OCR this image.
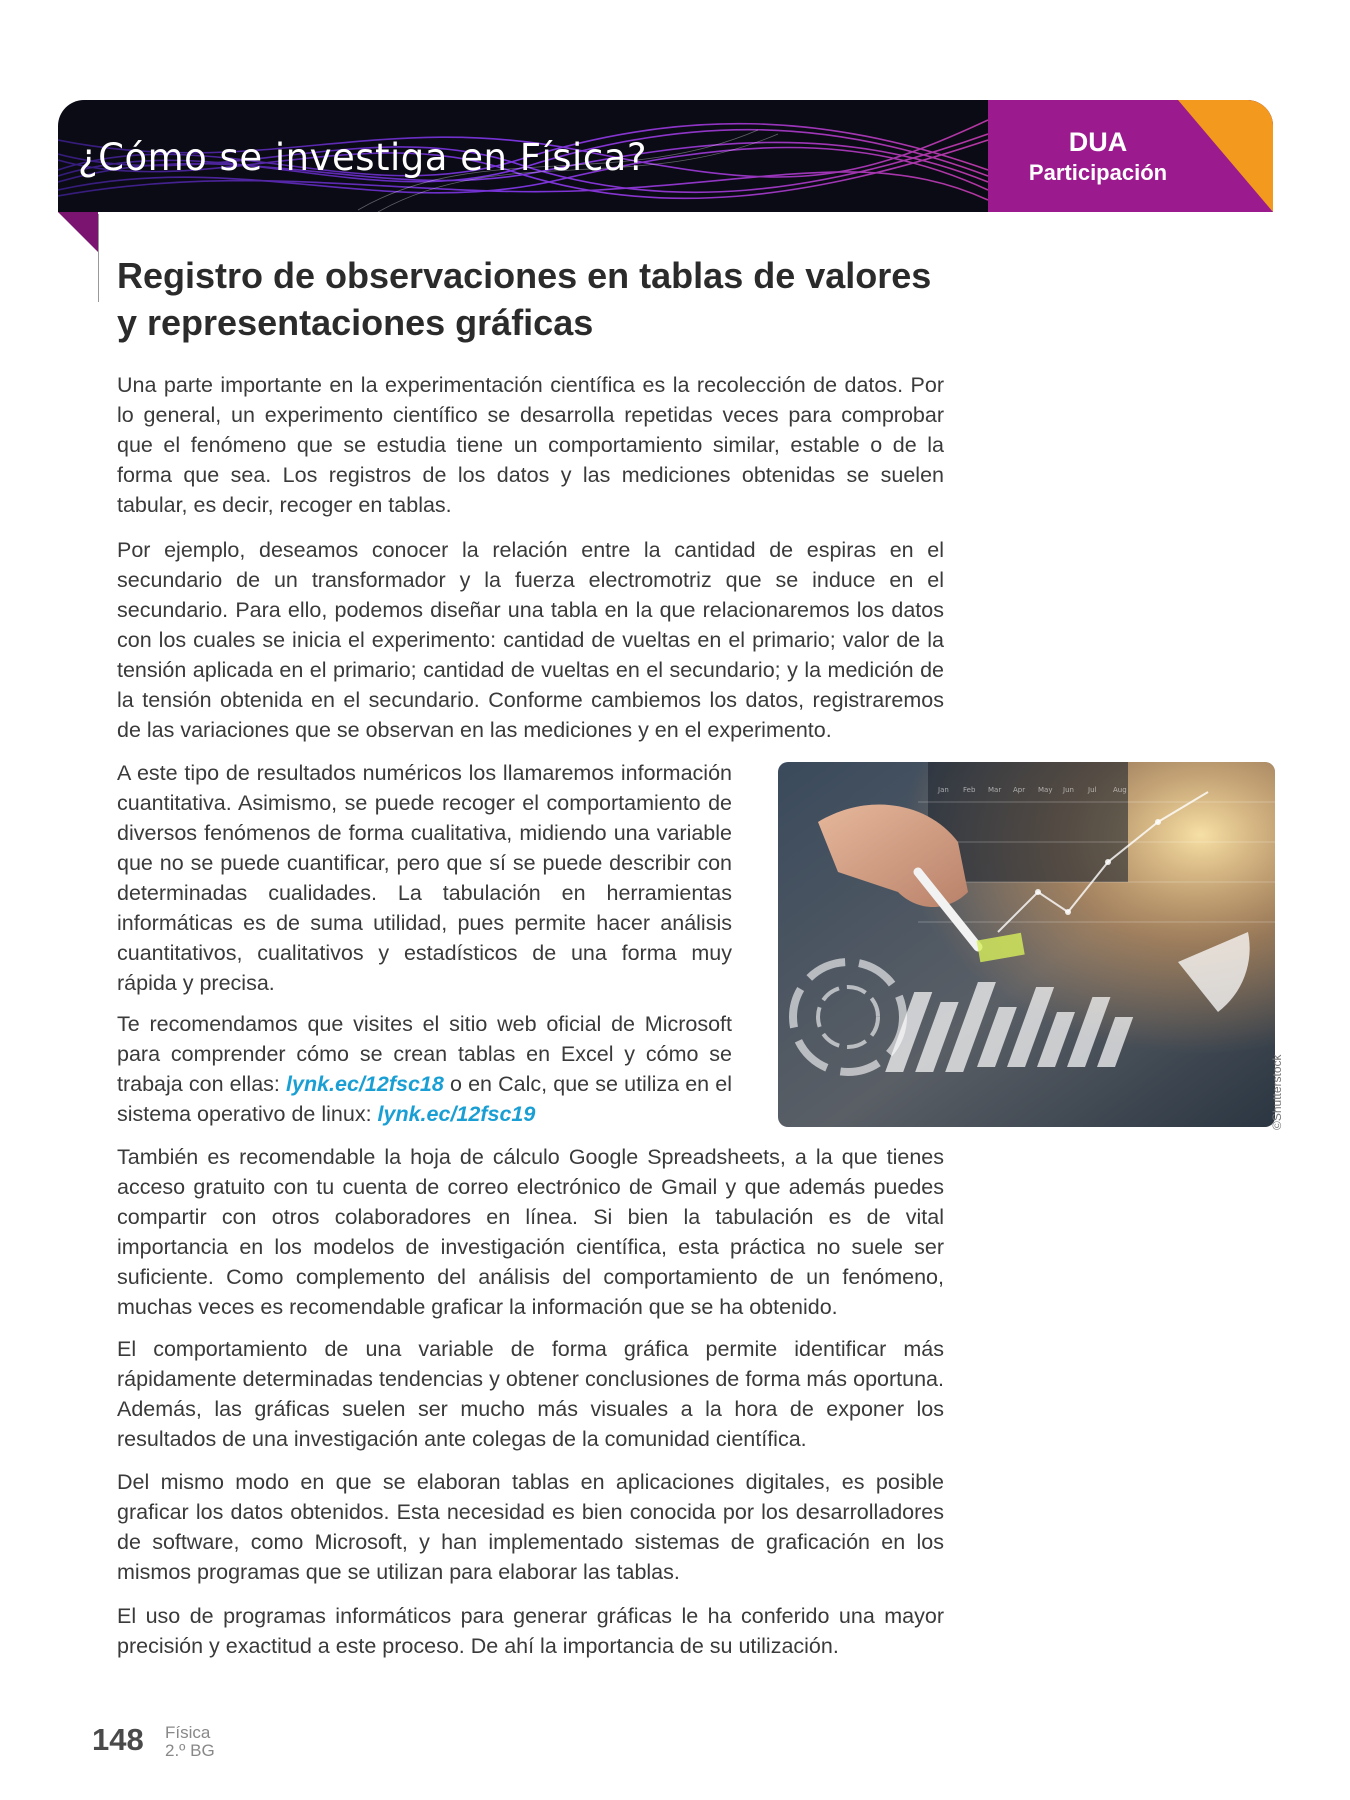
¿Cómo se investiga en Física?	DUA
Participación
Registro de observaciones en tablas de valores
y representaciones gráficas

Una parte importante en la experimentación científica es la recolección de datos. Por lo general, un experimento científico se desarrolla repetidas veces para comprobar que el fenómeno que se estudia tiene un comportamiento similar, estable o de la forma que sea. Los registros de los datos y las mediciones obtenidas se suelen tabular, es decir, recoger en tablas.

Por ejemplo, deseamos conocer la relación entre la cantidad de espiras en el secundario de un transformador y la fuerza electromotriz que se induce en el secundario. Para ello, podemos diseñar una tabla en la que relacionaremos los datos con los cuales se inicia el experimento: cantidad de vueltas en el primario; valor de la tensión aplicada en el primario; cantidad de vueltas en el secundario; y la medición de la tensión obtenida en el secundario. Conforme cambiemos los datos, registraremos de las variaciones que se observan en las mediciones y en el experimento.

A este tipo de resultados numéricos los llamaremos información cuantitativa. Asimismo, se puede recoger el comportamiento de diversos fenómenos de forma cualitativa, midiendo una variable que no se puede cuantificar, pero que sí se puede describir con determinadas cualidades. La tabulación en herramientas informáticas es de suma utilidad, pues permite hacer análisis cuantitativos, cualitativos y estadísticos de una forma muy rápida y precisa.

Te recomendamos que visites el sitio web oficial de Microsoft para comprender cómo se crean tablas en Excel y cómo se trabaja con ellas: lynk.ec/12fsc18 o en Calc, que se utiliza en el sistema operativo de linux: lynk.ec/12fsc19

También es recomendable la hoja de cálculo Google Spreadsheets, a la que tienes acceso gratuito con tu cuenta de correo electrónico de Gmail y que además puedes compartir con otros colaboradores en línea. Si bien la tabulación es de vital importancia en los modelos de investigación científica, esta práctica no suele ser suficiente. Como complemento del análisis del comportamiento de un fenómeno, muchas veces es recomendable graficar la información que se ha obtenido.

El comportamiento de una variable de forma gráfica permite identificar más rápidamente determinadas tendencias y obtener conclusiones de forma más oportuna. Además, las gráficas suelen ser mucho más visuales a la hora de exponer los resultados de una investigación ante colegas de la comunidad científica.

Del mismo modo en que se elaboran tablas en aplicaciones digitales, es posible graficar los datos obtenidos. Esta necesidad es bien conocida por los desarrolladores de software, como Microsoft, y han implementado sistemas de graficación en los mismos programas que se utilizan para elaborar las tablas.

El uso de programas informáticos para generar gráficas le ha conferido una mayor precisión y exactitud a este proceso. De ahí la importancia de su utilización.

Jan Feb Mar Apr May Jun Jul Aug
©Shutterstock
148 Física
2.º BG
